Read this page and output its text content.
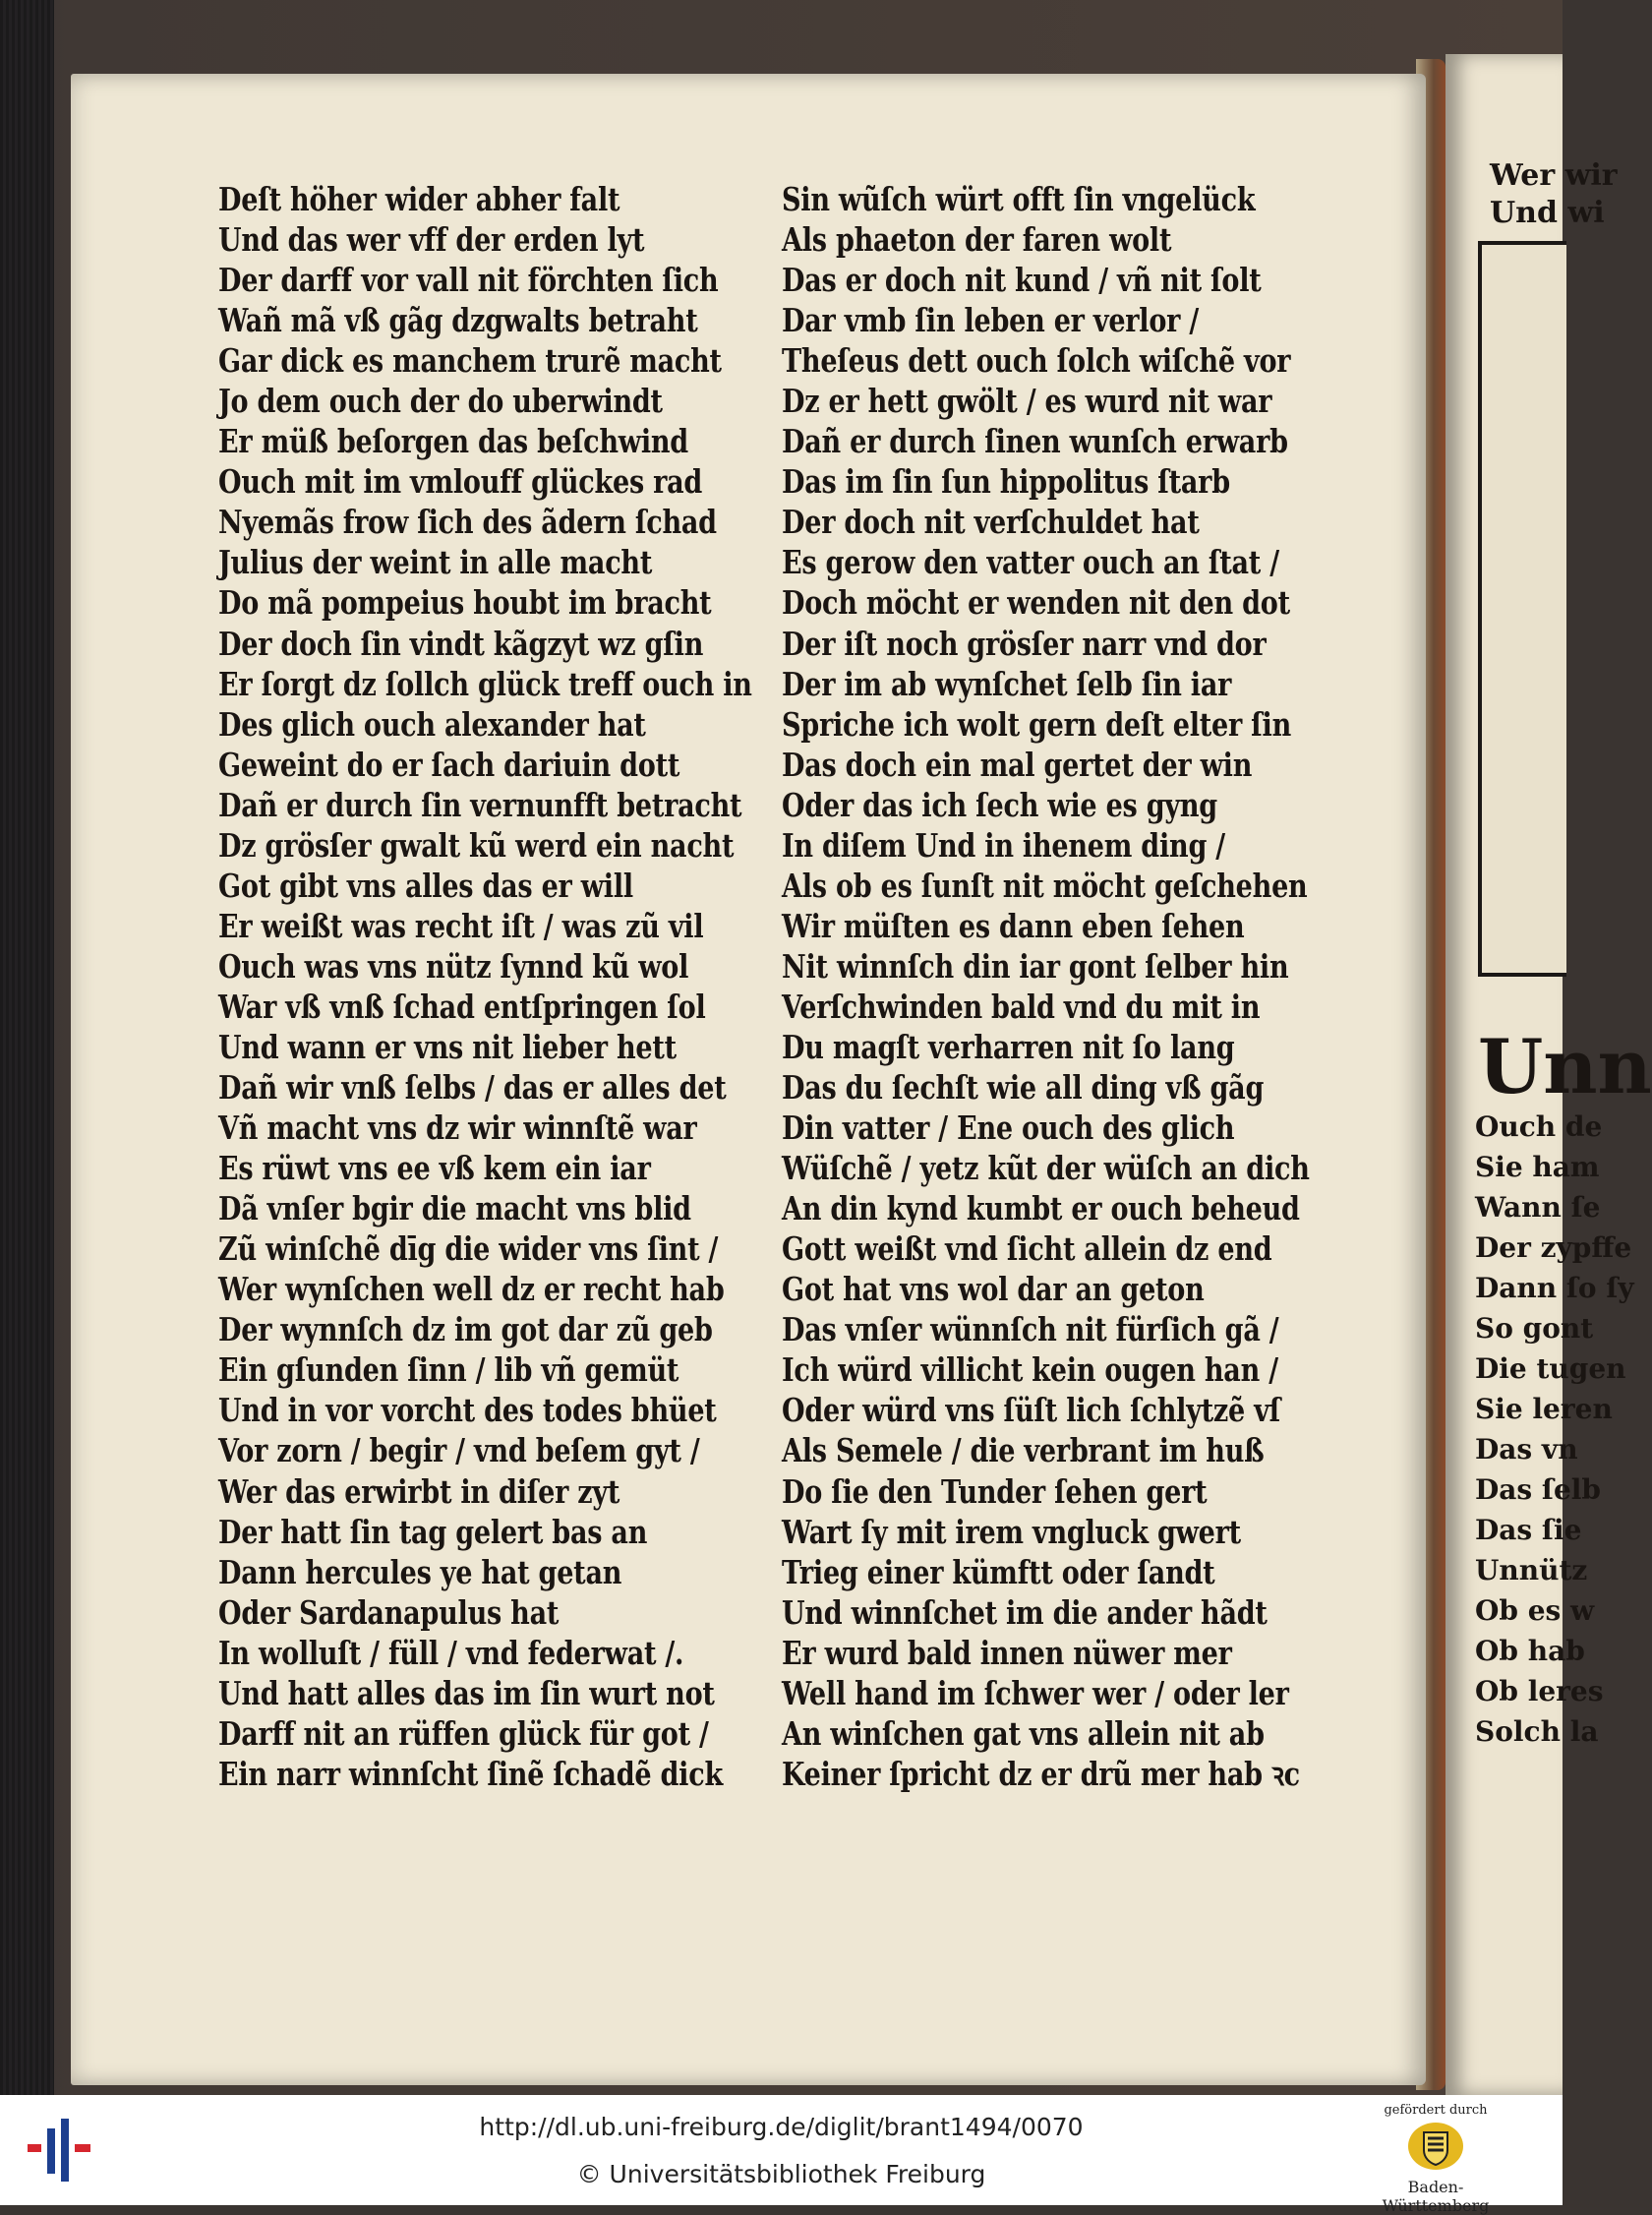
Deſt höher wider abher falt
Und das wer vff der erden lyt
Der darff vor vall nit förchten ſich
Wañ mã vß gãg dzgwalts betraht
Gar dick es manchem trurẽ macht
Jo dem ouch der do uberwindt
Er müß beſorgen das beſchwind
Ouch mit im vmlouff glückes rad
Nyemãs frow ſich des ãdern ſchad
Julius der weint in alle macht
Do mã pompeius houbt im bracht
Der doch ſin vindt kãgzyt wz gſin
Er ſorgt dz ſollch glück treff ouch in
Des glich ouch alexander hat
Geweint do er ſach dariuin dott
Dañ er durch ſin vernunfft betracht
Dz grösſer gwalt kũ werd ein nacht
Got gibt vns alles das er will
Er weißt was recht iſt / was zũ vil
Ouch was vns nütz ſynnd kũ wol
War vß vnß ſchad entſpringen ſol
Und wann er vns nit lieber hett
Dañ wir vnß ſelbs / das er alles det
Vñ macht vns dz wir winnſtẽ war
Es rüwt vns ee vß kem ein iar
Dã vnſer bgir die macht vns blid
Zũ winſchẽ dīg die wider vns ſint /
Wer wynſchen well dz er recht hab
Der wynnſch dz im got dar zũ geb
Ein gſunden ſinn / lib vñ gemüt
Und in vor vorcht des todes bhüet
Vor zorn / begir / vnd beſem gyt /
Wer das erwirbt in diſer zyt
Der hatt ſin tag gelert bas an
Dann hercules ye hat getan
Oder Sardanapulus hat
In wolluſt / füll / vnd federwat /.
Und hatt alles das im ſin wurt not
Darff nit an rüffen glück für got /
Ein narr winnſcht ſinẽ ſchadẽ dick
Sin wũſch würt offt ſin vngelück
Als phaeton der faren wolt
Das er doch nit kund / vñ nit ſolt
Dar vmb ſin leben er verlor /
Theſeus dett ouch ſolch wiſchẽ vor
Dz er hett gwölt / es wurd nit war
Dañ er durch ſinen wunſch erwarb
Das im ſin ſun hippolitus ſtarb
Der doch nit verſchuldet hat
Es gerow den vatter ouch an ſtat /
Doch möcht er wenden nit den dot
Der iſt noch grösſer narr vnd dor
Der im ab wynſchet ſelb ſin iar
Spriche ich wolt gern deſt elter ſin
Das doch ein mal gertet der win
Oder das ich ſech wie es gyng
In diſem Und in ihenem ding /
Als ob es ſunſt nit möcht geſchehen
Wir müſten es dann eben ſehen
Nit winnſch din iar gont ſelber hin
Verſchwinden bald vnd du mit in
Du magſt verharren nit ſo lang
Das du ſechſt wie all ding vß gãg
Din vatter / Ene ouch des glich
Wüſchẽ / yetz kũt der wüſch an dich
An din kynd kumbt er ouch beheud
Gott weißt vnd ſicht allein dz end
Got hat vns wol dar an geton
Das vnſer wünnſch nit fürſich gã /
Ich würd villicht kein ougen han /
Oder würd vns ſüſt lich ſchlytzẽ vſ
Als Semele / die verbrant im huß
Do ſie den Tunder ſehen gert
Wart ſy mit irem vngluck gwert
Trieg einer kümftt oder ſandt
Und winnſchet im die ander hãdt
Er wurd bald innen nüwer mer
Well hand im ſchwer wer / oder ler
An winſchen gat vns allein nit ab
Keiner ſpricht dz er drũ mer hab ꝛc
Wer wir
Und wi
Unn
Ouch de
Sie ham
Wann ſe
Der zypffe
Dann ſo ſy
So gont
Die tugen
Sie leren
Das vn
Das ſelb
Das ſie
Unnütz
Ob es w
Ob hab
Ob leres
Solch la
http://dl.ub.uni-freiburg.de/diglit/brant1494/0070
© Universitätsbibliothek Freiburg
gefördert durch
Baden-Württemberg
